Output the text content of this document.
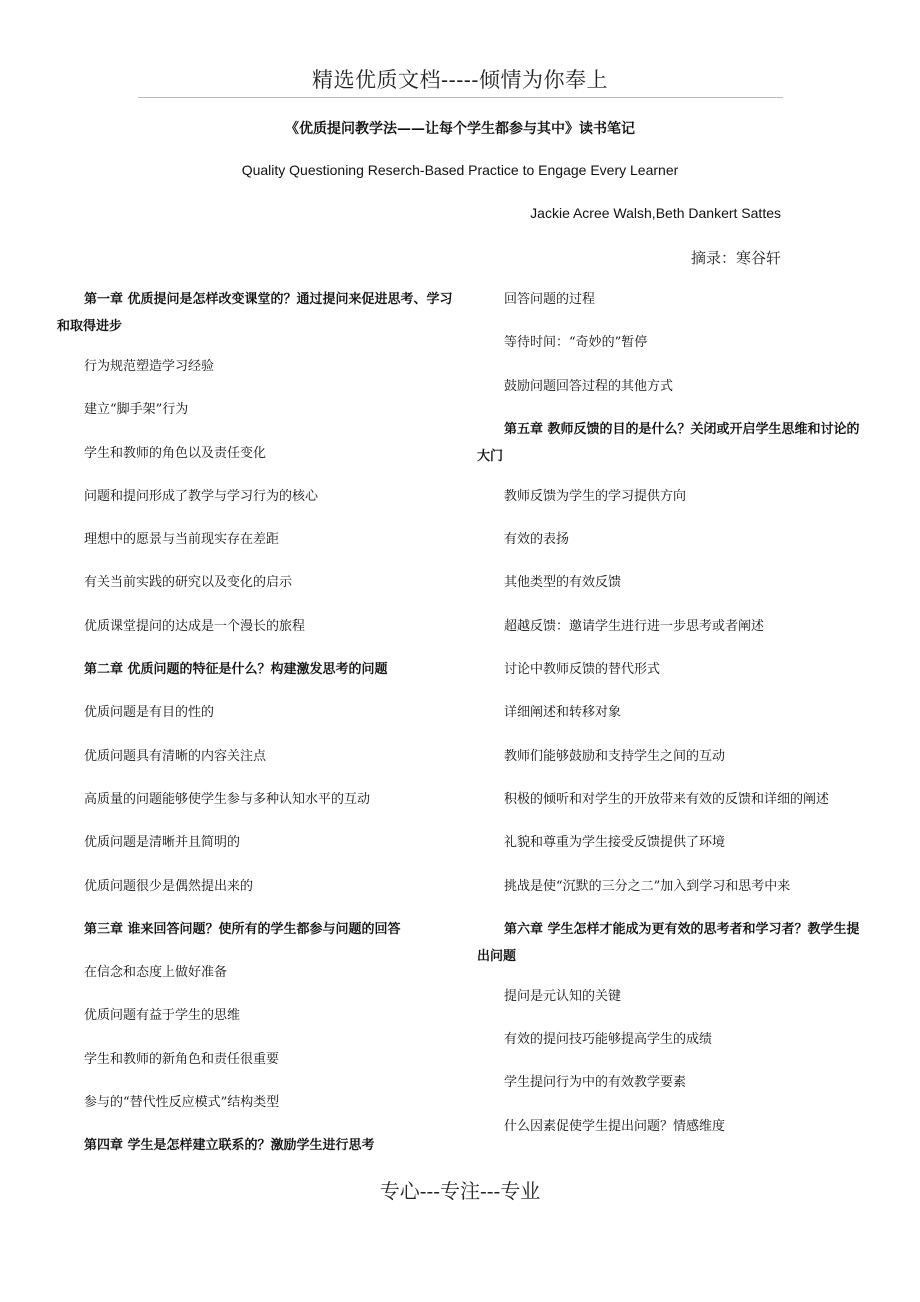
精选优质文档-----倾情为你奉上
《优质提问教学法——让每个学生都参与其中》读书笔记
Quality Questioning Reserch-Based Practice to Engage Every Learner
Jackie Acree Walsh,Beth Dankert Sattes
摘录：寒谷轩
第一章 优质提问是怎样改变课堂的？通过提问来促进思考、学习和取得进步
行为规范塑造学习经验
建立“脚手架”行为
学生和教师的角色以及责任变化
问题和提问形成了教学与学习行为的核心
理想中的愿景与当前现实存在差距
有关当前实践的研究以及变化的启示
优质课堂提问的达成是一个漫长的旅程
第二章 优质问题的特征是什么？构建激发思考的问题
优质问题是有目的性的
优质问题具有清晰的内容关注点
高质量的问题能够使学生参与多种认知水平的互动
优质问题是清晰并且简明的
优质问题很少是偶然提出来的
第三章 谁来回答问题？使所有的学生都参与问题的回答
在信念和态度上做好准备
优质问题有益于学生的思维
学生和教师的新角色和责任很重要
参与的“替代性反应模式”结构类型
第四章 学生是怎样建立联系的？激励学生进行思考
回答问题的过程
等待时间：“奇妙的”暂停
鼓励问题回答过程的其他方式
第五章 教师反馈的目的是什么？关闭或开启学生思维和讨论的大门
教师反馈为学生的学习提供方向
有效的表扬
其他类型的有效反馈
超越反馈：邀请学生进行进一步思考或者阐述
讨论中教师反馈的替代形式
详细阐述和转移对象
教师们能够鼓励和支持学生之间的互动
积极的倾听和对学生的开放带来有效的反馈和详细的阐述
礼貌和尊重为学生接受反馈提供了环境
挑战是使“沉默的三分之二”加入到学习和思考中来
第六章 学生怎样才能成为更有效的思考者和学习者？教学生提出问题
提问是元认知的关键
有效的提问技巧能够提高学生的成绩
学生提问行为中的有效教学要素
什么因素促使学生提出问题？情感维度
专心---专注---专业
